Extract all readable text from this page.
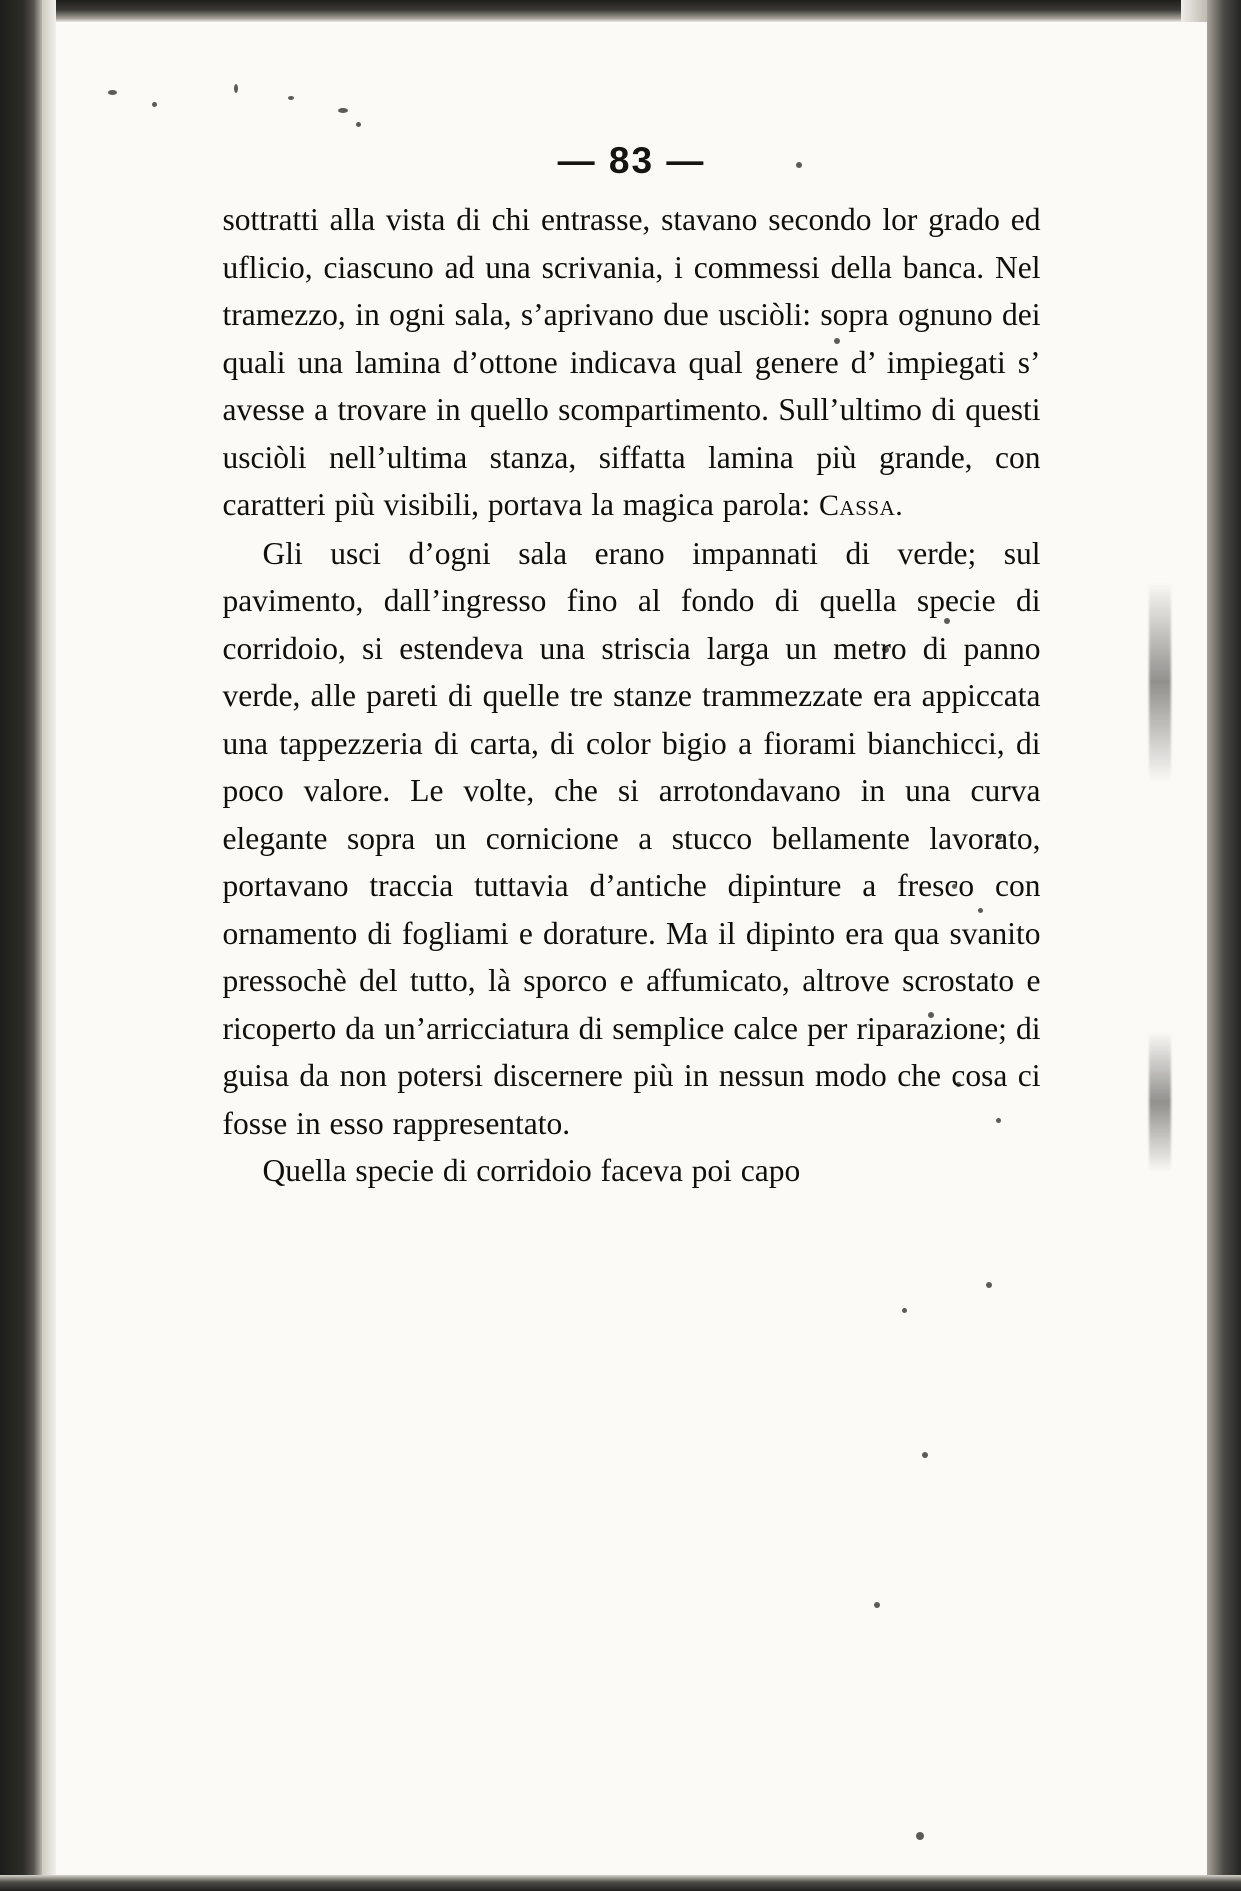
— 83 —

sottratti alla vista di chi entrasse, stavano secondo lor grado ed uflicio, ciascuno ad una scrivania, i commessi della banca. Nel tramezzo, in ogni sala, s’aprivano due usciòli: sopra ognuno dei quali una lamina d’ottone indicava qual genere d’ impiegati s’ avesse a trovare in quello scompartimento. Sull’ultimo di questi usciòli nell’ultima stanza, siffatta lamina più grande, con caratteri più visibili, portava la magica parola: Cassa.

Gli usci d’ogni sala erano impannati di verde; sul pavimento, dall’ingresso fino al fondo di quella specie di corridoio, si estendeva una striscia larga un metro di panno verde, alle pareti di quelle tre stanze trammezzate era appiccata una tappezzeria di carta, di color bigio a fiorami bianchicci, di poco valore. Le volte, che si arrotondavano in una curva elegante sopra un cornicione a stucco bellamente lavorato, portavano traccia tuttavia d’antiche dipinture a fresco con ornamento di fogliami e dorature. Ma il dipinto era qua svanito pressochè del tutto, là sporco e affumicato, altrove scrostato e ricoperto da un’arricciatura di semplice calce per riparazione; di guisa da non potersi discernere più in nessun modo che cosa ci fosse in esso rappresentato.

Quella specie di corridoio faceva poi capo
